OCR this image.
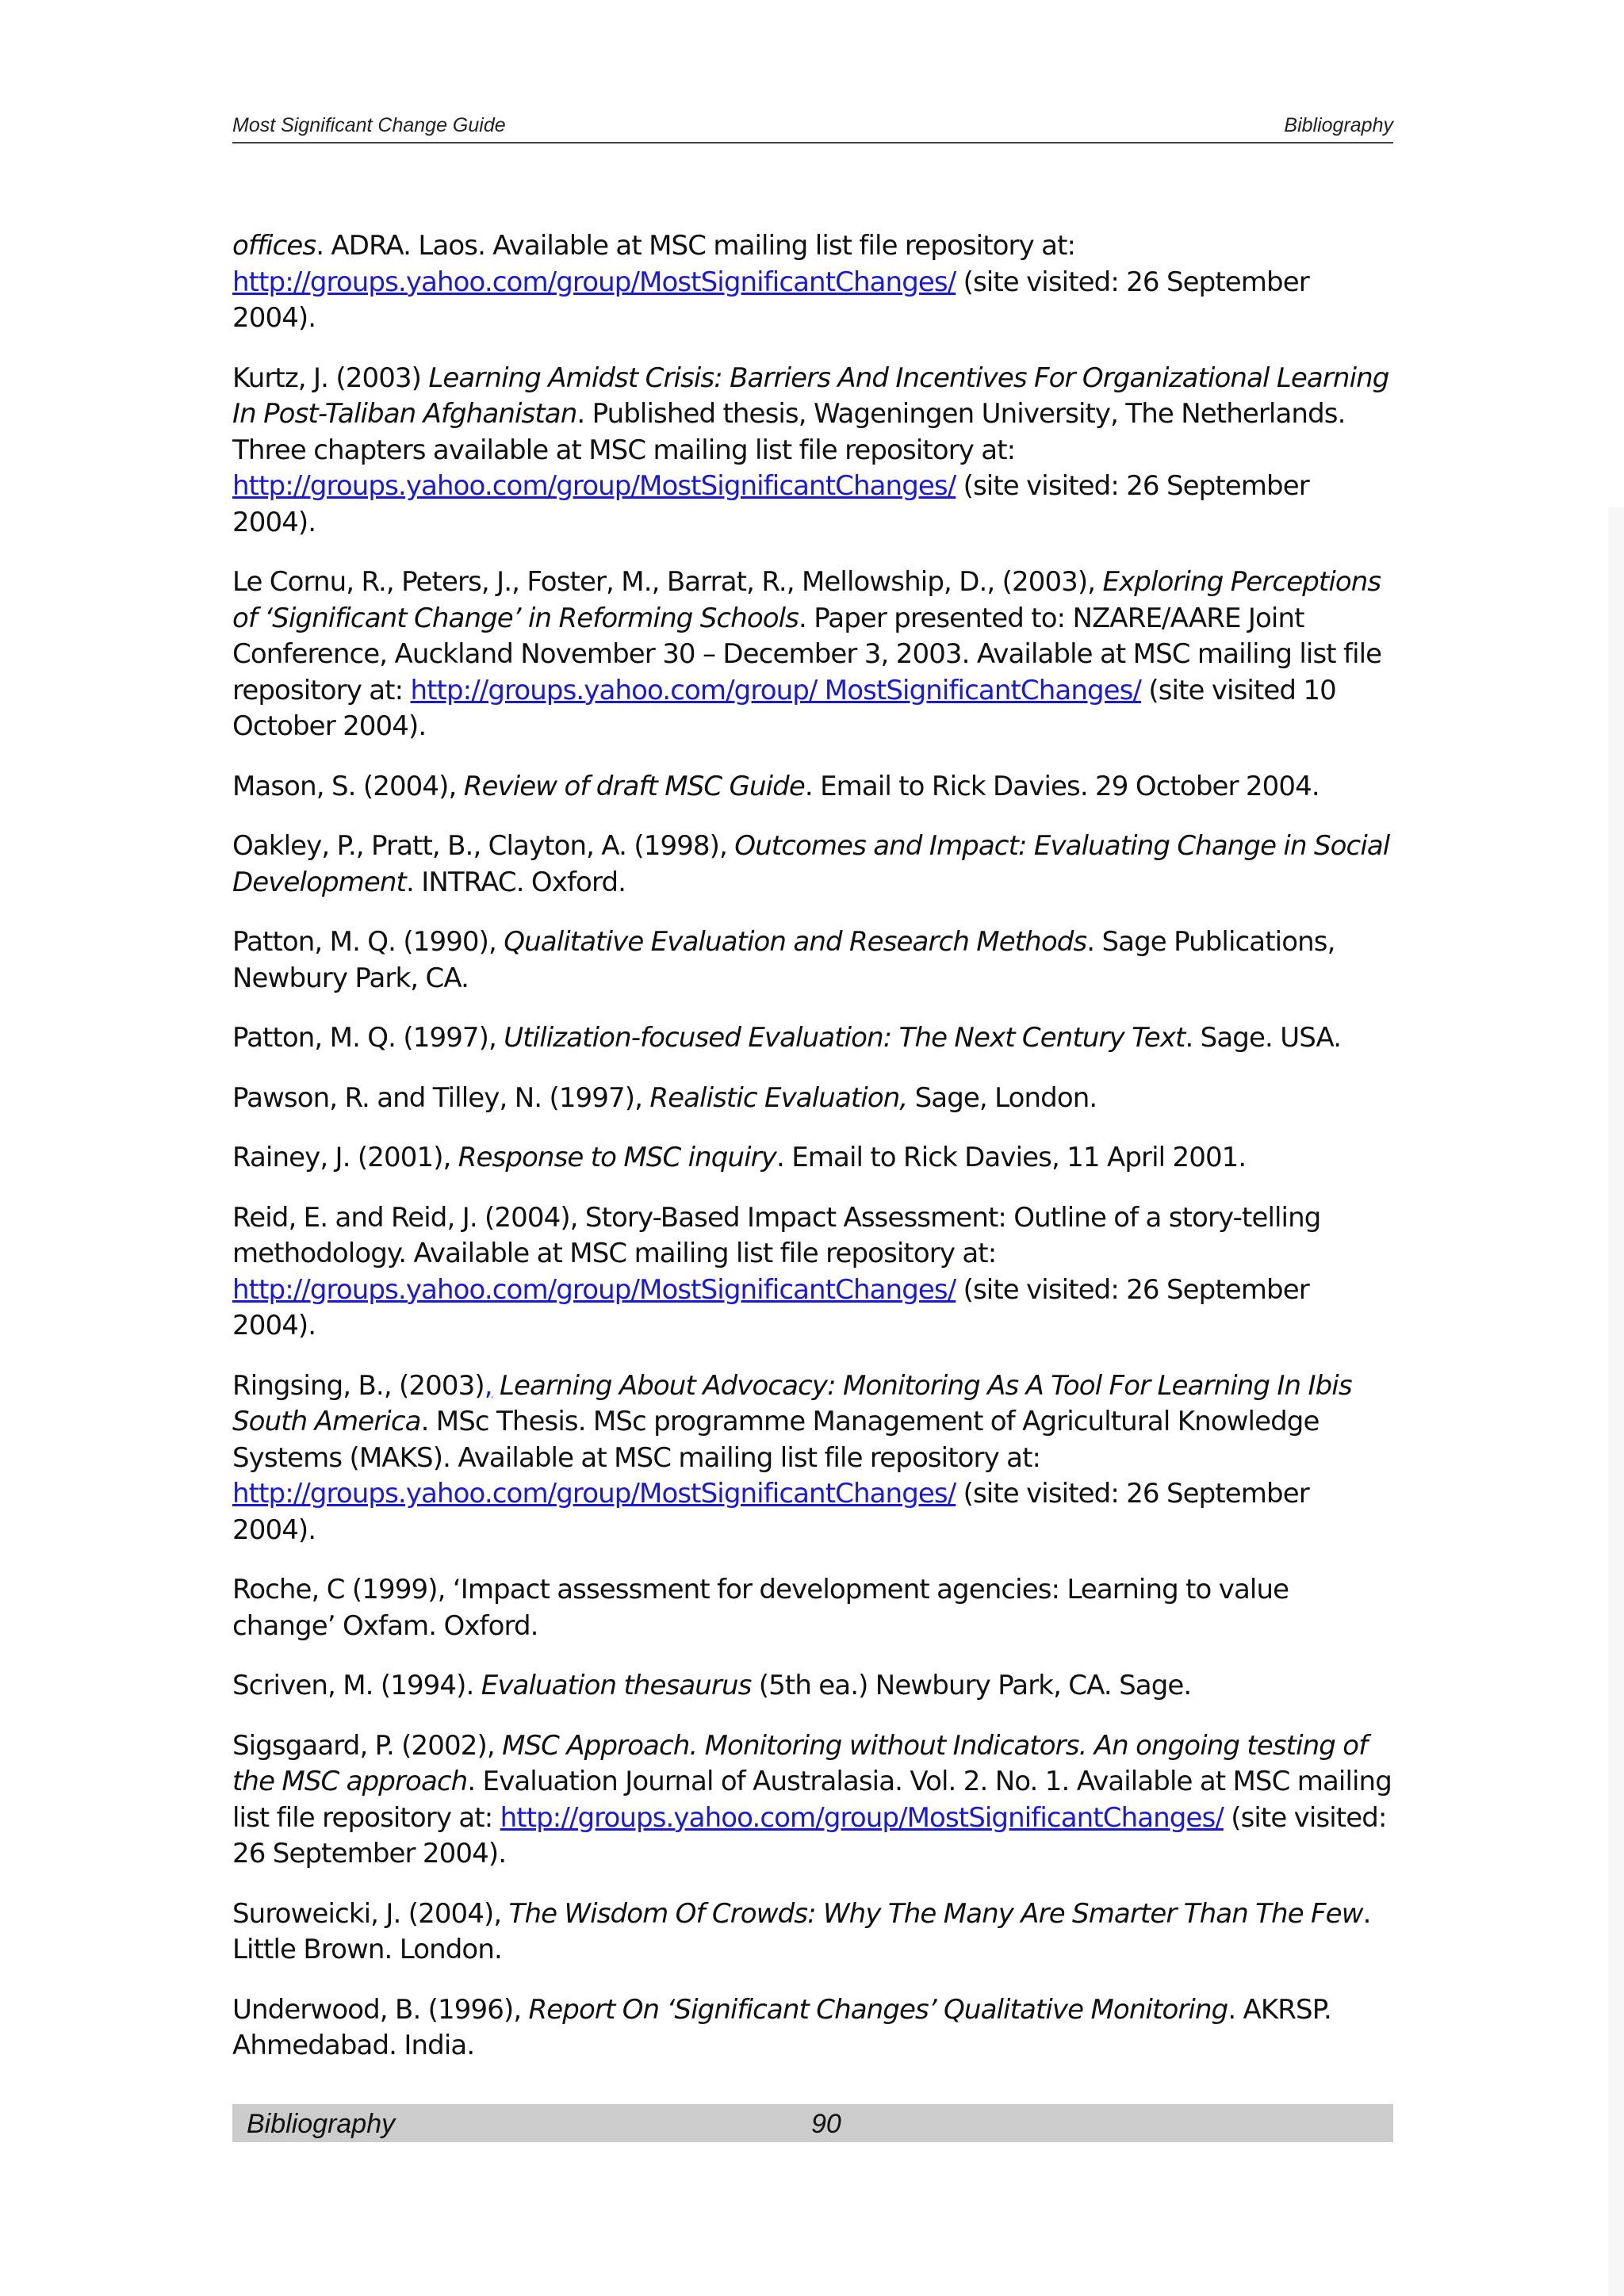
Most Significant Change Guide	Bibliography

offices. ADRA. Laos. Available at MSC mailing list file repository at: http://groups.yahoo.com/group/MostSignificantChanges/ (site visited: 26 September 2004).

Kurtz, J. (2003) Learning Amidst Crisis: Barriers And Incentives For Organizational Learning In Post-Taliban Afghanistan. Published thesis, Wageningen University, The Netherlands. Three chapters available at MSC mailing list file repository at: http://groups.yahoo.com/group/MostSignificantChanges/ (site visited: 26 September 2004).

Le Cornu, R., Peters, J., Foster, M., Barrat, R., Mellowship, D., (2003), Exploring Perceptions of ‘Significant Change’ in Reforming Schools. Paper presented to: NZARE/AARE Joint Conference, Auckland November 30 – December 3, 2003. Available at MSC mailing list file repository at: http://groups.yahoo.com/group/ MostSignificantChanges/ (site visited 10 October 2004).

Mason, S. (2004), Review of draft MSC Guide. Email to Rick Davies. 29 October 2004.

Oakley, P., Pratt, B., Clayton, A. (1998), Outcomes and Impact: Evaluating Change in Social Development. INTRAC. Oxford.

Patton, M. Q. (1990), Qualitative Evaluation and Research Methods. Sage Publications, Newbury Park, CA.

Patton, M. Q. (1997), Utilization-focused Evaluation: The Next Century Text. Sage. USA.

Pawson, R. and Tilley, N. (1997), Realistic Evaluation, Sage, London.

Rainey, J. (2001), Response to MSC inquiry. Email to Rick Davies, 11 April 2001.

Reid, E. and Reid, J. (2004), Story-Based Impact Assessment: Outline of a story-telling methodology. Available at MSC mailing list file repository at: http://groups.yahoo.com/group/MostSignificantChanges/ (site visited: 26 September 2004).

Ringsing, B., (2003), Learning About Advocacy: Monitoring As A Tool For Learning In Ibis South America. MSc Thesis. MSc programme Management of Agricultural Knowledge Systems (MAKS). Available at MSC mailing list file repository at: http://groups.yahoo.com/group/MostSignificantChanges/ (site visited: 26 September 2004).

Roche, C (1999), ‘Impact assessment for development agencies: Learning to value change’ Oxfam. Oxford.

Scriven, M. (1994). Evaluation thesaurus (5th ea.) Newbury Park, CA. Sage.

Sigsgaard, P. (2002), MSC Approach. Monitoring without Indicators. An ongoing testing of the MSC approach. Evaluation Journal of Australasia. Vol. 2. No. 1. Available at MSC mailing list file repository at: http://groups.yahoo.com/group/MostSignificantChanges/ (site visited: 26 September 2004).

Suroweicki, J. (2004), The Wisdom Of Crowds: Why The Many Are Smarter Than The Few. Little Brown. London.

Underwood, B. (1996), Report On ‘Significant Changes’ Qualitative Monitoring. AKRSP. Ahmedabad. India.

Bibliography	90
